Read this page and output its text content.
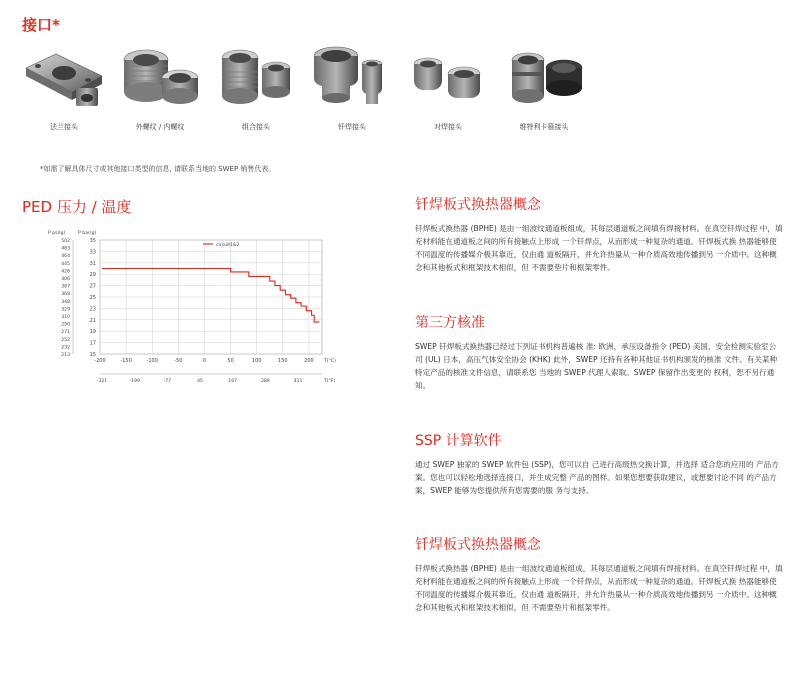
接口*
法兰接头	外螺纹 / 内螺纹	组合接头	钎焊接头	对焊接头	维特利卡箍接头
*如需了解具体尺寸或其他接口类型的信息, 请联系当地的 SWEP 销售代表。
PED 压力 / 温度
-200	-150	-100	-50	0	50	100	150	200
15
17
19
21
23
25
27
29
31
33
35
502
483
464
445
426
406
387
368
348
329
310
290
271
252
232
213
P psi(g)	P bar(g)
T(°C)
-321	-199	-77	45	167	289	411	T(°F)
circuit1&2
钎焊板式换热器概念

钎焊板式换热器 (BPHE) 是由一组波纹通道板组成，其每层通道板之间填有焊接材料。在真空钎焊过程 中，填充材料能在通道板之间的所有接触点上形成 一个钎焊点，从而形成一种复杂的通道。钎焊板式换 热器能够使不同温度的传播媒介极其靠近，仅由通 道板隔开，并允许热量从一种介质高效地传播到另 一介质中。这种概念和其他板式和框架技术相似，但 不需要垫片和框架零件。

第三方核准

SWEP 钎焊板式换热器已经过下列证书机构普遍核 准: 欧洲，承压设备指令 (PED) 美国，安全检测实验室公司 (UL) 日本，高压气体安全协会 (KHK) 此外，SWEP 还持有各种其他证书机构颁发的核准 文件。有关某种特定产品的核准文件信息，请联系您 当地的 SWEP 代理人索取。SWEP 保留作出变更的 权利，恕不另行通知。

SSP 计算软件

通过 SWEP 独家的 SWEP 软件包 (SSP)，您可以自 己进行高级热交换计算，并选择 适合您的应用的 产品方案。您也可以轻松地选择连接口，并生成完整 产品的图样。如果您想要获取建议，或想要讨论不同 的产品方案，SWEP 能够为您提供所有您需要的服 务与支持。

钎焊板式换热器概念

钎焊板式换热器 (BPHE) 是由一组波纹通道板组成，其每层通道板之间填有焊接材料。在真空钎焊过程 中，填充材料能在通道板之间的所有接触点上形成 一个钎焊点，从而形成一种复杂的通道。钎焊板式换 热器能够使不同温度的传播媒介极其靠近，仅由通 道板隔开，并允许热量从一种介质高效地传播到另 一介质中。这种概念和其他板式和框架技术相似，但 不需要垫片和框架零件。
